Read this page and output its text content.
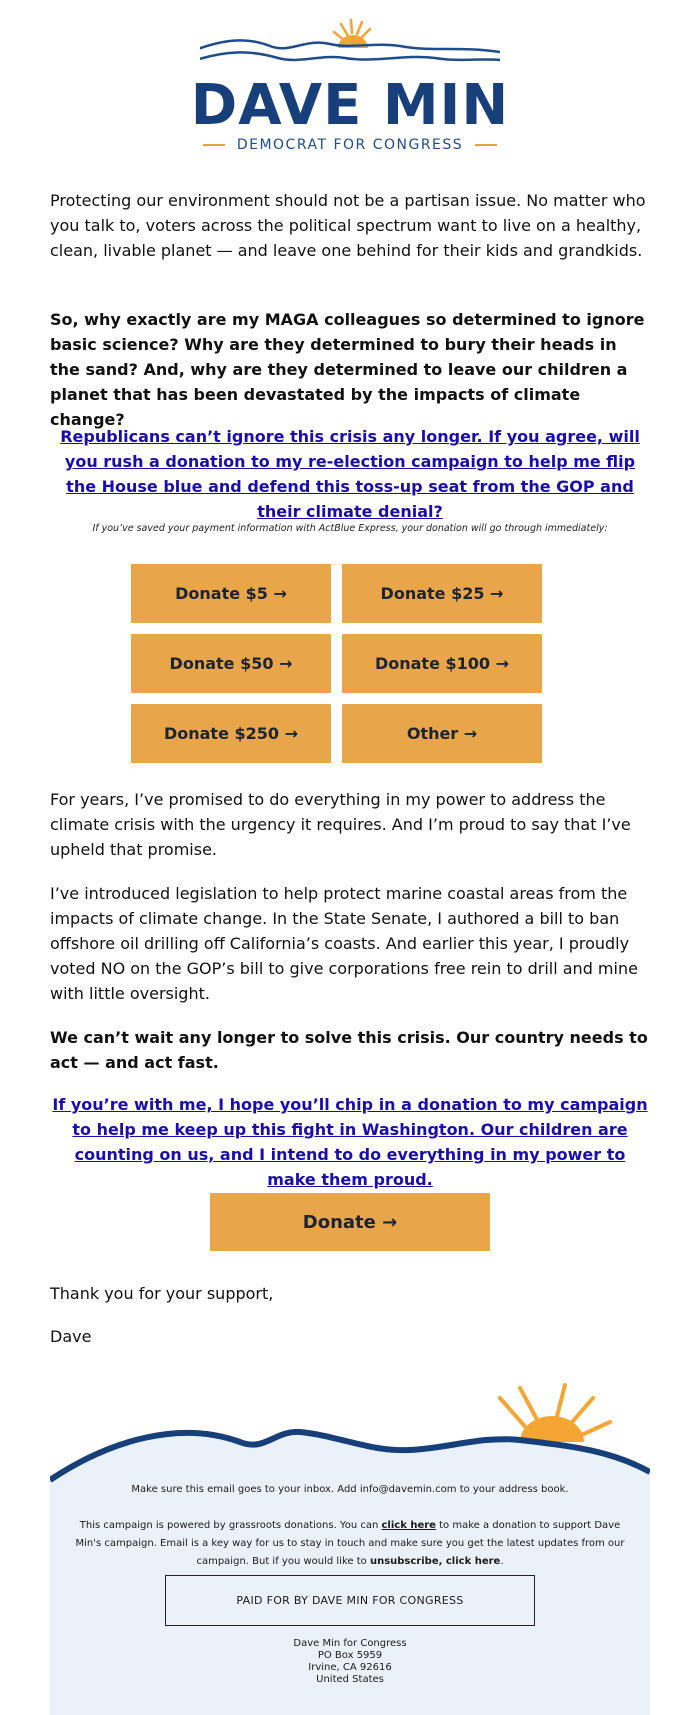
DAVE MIN
DEMOCRAT FOR CONGRESS

Protecting our environment should not be a partisan issue. No matter who you talk to, voters across the political spectrum want to live on a healthy, clean, livable planet — and leave one behind for their kids and grandkids.

So, why exactly are my MAGA colleagues so determined to ignore basic science? Why are they determined to bury their heads in the sand? And, why are they determined to leave our children a planet that has been devastated by the impacts of climate change?

Republicans can’t ignore this crisis any longer. If you agree, will you rush a donation to my re-election campaign to help me flip the House blue and defend this toss-up seat from the GOP and their climate denial?
If you’ve saved your payment information with ActBlue Express, your donation will go through immediately:
Donate $5 →	Donate $25 →
Donate $50 →	Donate $100 →
Donate $250 →	Other →

For years, I’ve promised to do everything in my power to address the climate crisis with the urgency it requires. And I’m proud to say that I’ve upheld that promise.

I’ve introduced legislation to help protect marine coastal areas from the impacts of climate change. In the State Senate, I authored a bill to ban offshore oil drilling off California’s coasts. And earlier this year, I proudly voted NO on the GOP’s bill to give corporations free rein to drill and mine with little oversight.

We can’t wait any longer to solve this crisis. Our country needs to act — and act fast.

If you’re with me, I hope you’ll chip in a donation to my campaign to help me keep up this fight in Washington. Our children are counting on us, and I intend to do everything in my power to make them proud.
Donate →

Thank you for your support,

Dave

Make sure this email goes to your inbox. Add info@davemin.com to your address book.
This campaign is powered by grassroots donations. You can click here to make a donation to support Dave Min's campaign. Email is a key way for us to stay in touch and make sure you get the latest updates from our campaign. But if you would like to unsubscribe, click here.
PAID FOR BY DAVE MIN FOR CONGRESS
Dave Min for Congress
PO Box 5959
Irvine, CA 92616
United States
